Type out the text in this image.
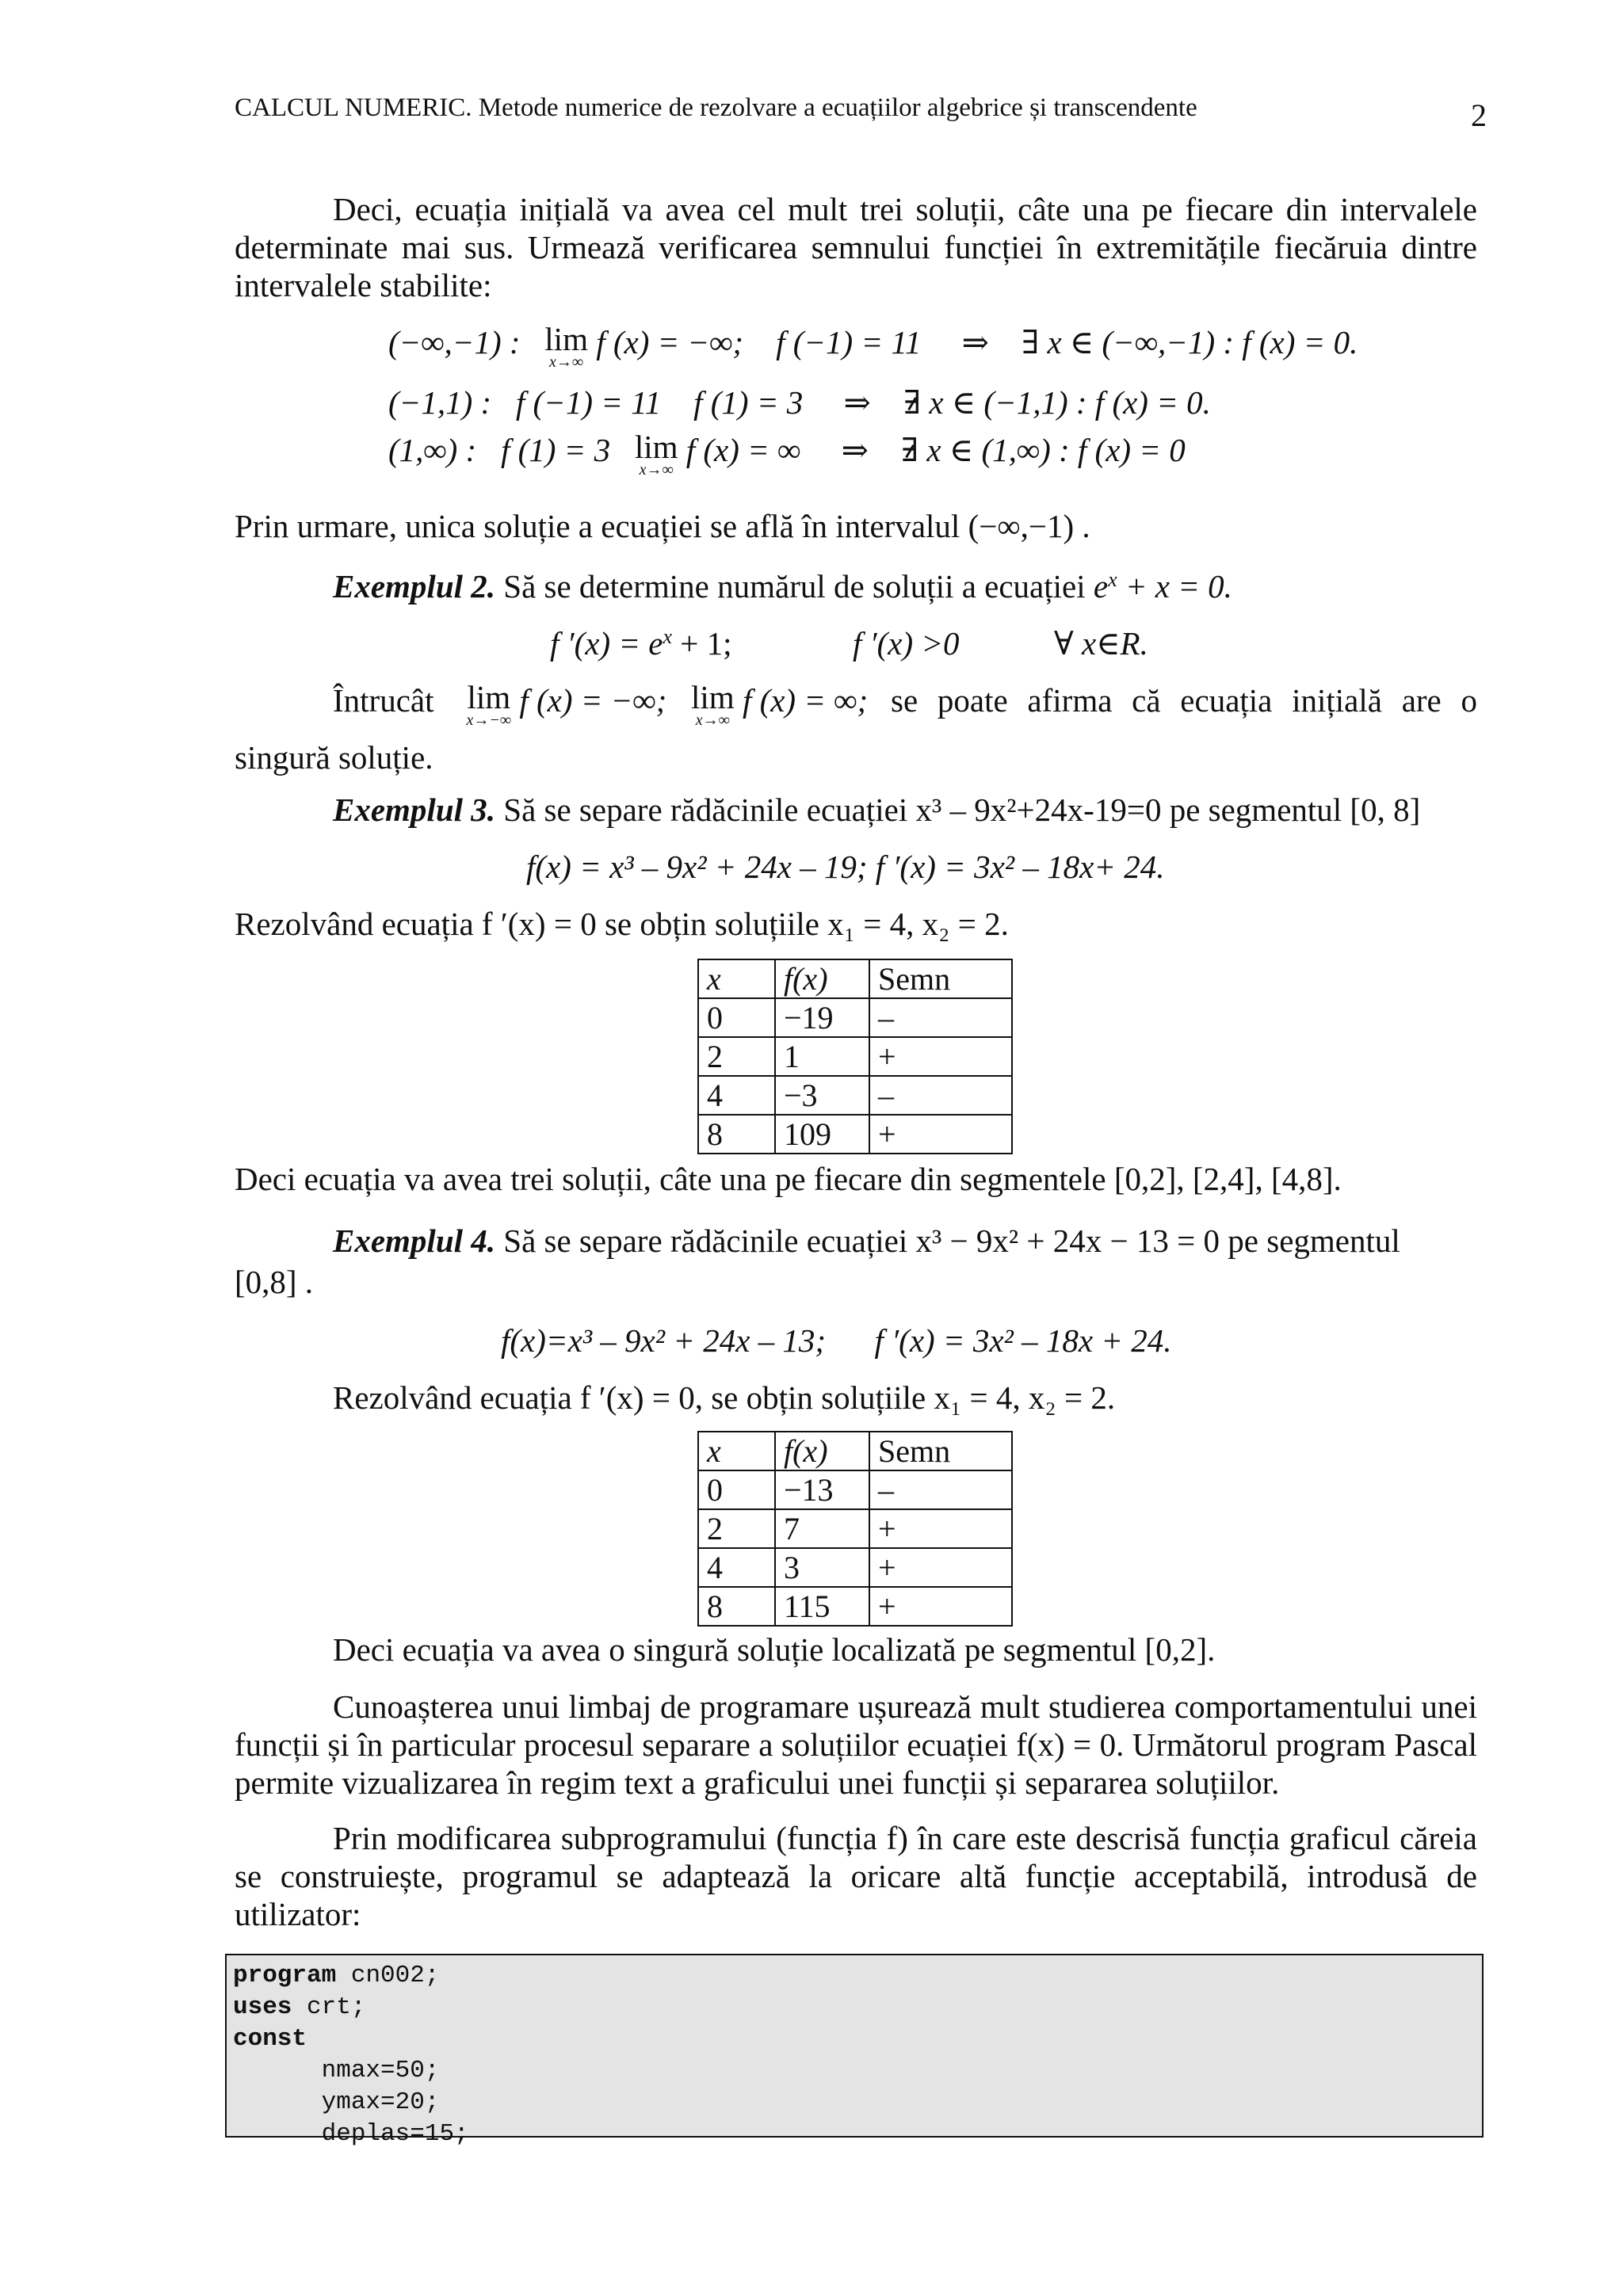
CALCUL NUMERIC. Metode numerice de rezolvare a ecuațiilor algebrice și transcendente	2
Deci, ecuația inițială va avea cel mult trei soluții, câte una pe fiecare din intervalele determinate mai sus. Urmează verificarea semnului funcției în extremitățile fiecăruia dintre intervalele stabilite:
(−∞,−1) : lim
x→∞
f (x) = −∞; f (−1) = 11 ⇒ ∃ x ∈ (−∞,−1) : f (x) = 0.
(−1,1) : f (−1) = 11 f (1) = 3 ⇒ ∃ x ∈ (−1,1) : f (x) = 0.
(1,∞) : f (1) = 3 lim
x→∞
f (x) = ∞ ⇒ ∃ x ∈ (1,∞) : f (x) = 0
Prin urmare, unica soluție a ecuației se află în intervalul (−∞,−1) .
Exemplul 2. Să se determine numărul de soluții a ecuației $e^x + x = 0$.
f $'(x) = e^x + 1$;	f ′(x) >0	∀ x∈R.
Întrucât lim
x→−∞
f (x) = −∞; lim
x→∞
f (x) = ∞; se poate afirma că ecuația inițială are o
singură soluție.
Exemplul 3. Să se separe rădăcinile ecuației x³ – 9x²+24x-19=0 pe segmentul [0, 8]
f(x) = x³ – 9x² + 24x – 19; f ′(x) = 3x² – 18x+ 24.
Rezolvând ecuația f ′(x) = 0 se obțin soluțiile x₁ = 4, x₂ = 2.
x	f(x)	Semn
0	−19	–
2	1	+
4	−3	–
8	109	+
Deci ecuația va avea trei soluții, câte una pe fiecare din segmentele [0,2], [2,4], [4,8].
Exemplul 4. Să se separe rădăcinile ecuației x³ − 9x² + 24x − 13 = 0 pe segmentul
[0,8] .
f(x)=x³ – 9x² + 24x – 13;      f ′(x) = 3x² – 18x + 24.
Rezolvând ecuația f ′(x) = 0, se obțin soluțiile x₁ = 4, x₂ = 2.
x	f(x)	Semn
0	−13	–
2	7	+
4	3	+
8	115	+
Deci ecuația va avea o singură soluție localizată pe segmentul [0,2].
Cunoașterea unui limbaj de programare ușurează mult studierea comportamentului unei funcții și în particular procesul separare a soluțiilor ecuației f(x) = 0. Următorul program Pascal permite vizualizarea în regim text a graficului unei funcții și separarea soluțiilor.
Prin modificarea subprogramului (funcția f) în care este descrisă funcția graficul căreia se construiește, programul se adaptează la oricare altă funcție acceptabilă, introdusă de utilizator:
program cn002;
uses crt;
const
nmax=50;
ymax=20;
deplas=15;
